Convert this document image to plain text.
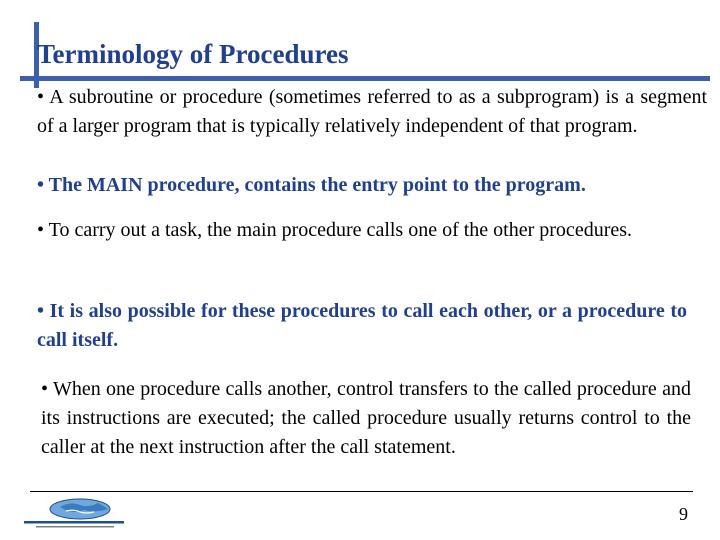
Terminology of Procedures
• A subroutine or procedure (sometimes referred to as a subprogram) is a segment of a larger program that is typically relatively independent of that program.
• The MAIN procedure, contains the entry point to the program.
• To carry out a task, the main procedure calls one of the other procedures.
• It is also possible for these procedures to call each other, or a procedure to call itself.
• When one procedure calls another, control transfers to the called procedure and its instructions are executed; the called procedure usually returns control to the caller at the next instruction after the call statement.
9
